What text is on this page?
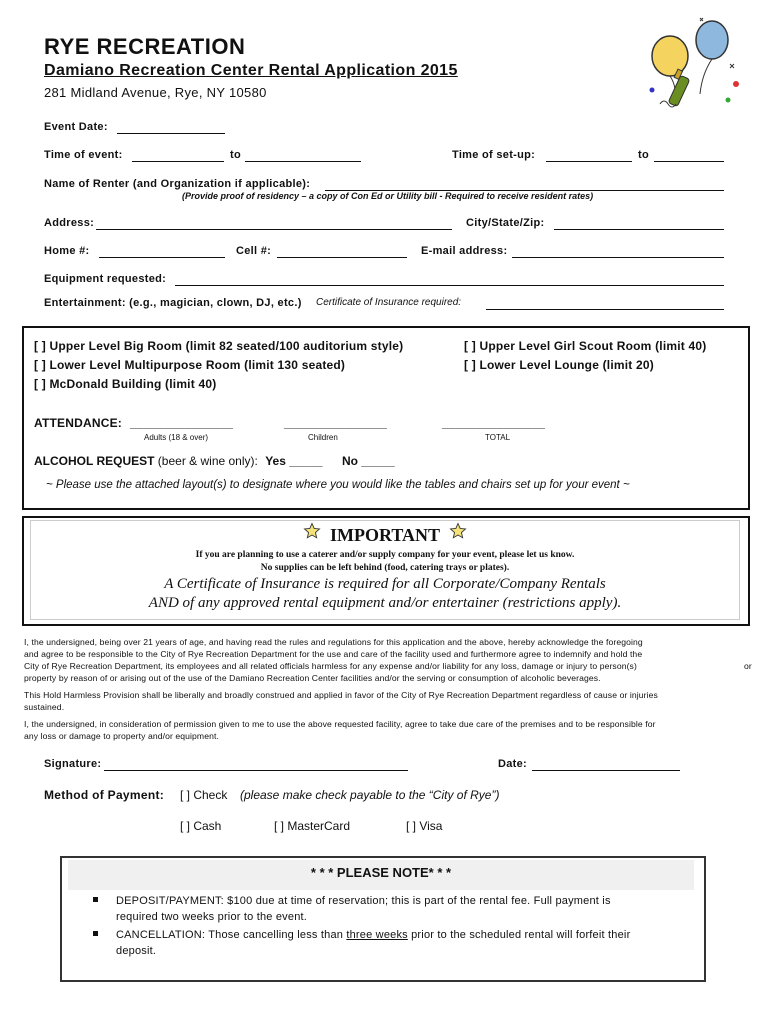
RYE RECREATION
Damiano Recreation Center Rental Application 2015
281 Midland Avenue, Rye, NY 10580
Event Date:
Time of event:	to	Time of set-up:	to
Name of Renter (and Organization if applicable):
(Provide proof of residency – a copy of Con Ed or Utility bill - Required to receive resident rates)
Address:	City/State/Zip:
Home #:	Cell #:	E-mail address:
Equipment requested:
Entertainment: (e.g., magician, clown, DJ, etc.) Certificate of Insurance required:
[ ] Upper Level Big Room (limit 82 seated/100 auditorium style)
[ ] Lower Level Multipurpose Room (limit 130 seated)
[ ] McDonald Building (limit 40)
[ ] Upper Level Girl Scout Room (limit 40)
[ ] Lower Level Lounge (limit 20)
ATTENDANCE: _______________	_______________	_______________
Adults (18 & over)	Children	TOTAL
ALCOHOL REQUEST (beer & wine only): Yes _____ No _____
~ Please use the attached layout(s) to designate where you would like the tables and chairs set up for your event ~
IMPORTANT
If you are planning to use a caterer and/or supply company for your event, please let us know.
No supplies can be left behind (food, catering trays or plates).
A Certificate of Insurance is required for all Corporate/Company Rentals
AND of any approved rental equipment and/or entertainer (restrictions apply).
I, the undersigned, being over 21 years of age, and having read the rules and regulations for this application and the above, hereby acknowledge the foregoing
and agree to be responsible to the City of Rye Recreation Department for the use and care of the facility used and furthermore agree to indemnify and hold the
City of Rye Recreation Department, its employees and all related officials harmless for any expense and/or liability for any loss, damage or injury to person(s)	or
property by reason of or arising out of the use of the Damiano Recreation Center facilities and/or the serving or consumption of alcoholic beverages.
This Hold Harmless Provision shall be liberally and broadly construed and applied in favor of the City of Rye Recreation Department regardless of cause or injuries
sustained.
I, the undersigned, in consideration of permission given to me to use the above requested facility, agree to take due care of the premises and to be responsible for
any loss or damage to property and/or equipment.
Signature:	Date:
Method of Payment: [ ] Check (please make check payable to the “City of Rye”)
[ ] Cash	[ ] MasterCard	[ ] Visa
* * * PLEASE NOTE* * *
DEPOSIT/PAYMENT: $100 due at time of reservation; this is part of the rental fee. Full payment is
required two weeks prior to the event.
CANCELLATION: Those cancelling less than three weeks prior to the scheduled rental will forfeit their
deposit.
